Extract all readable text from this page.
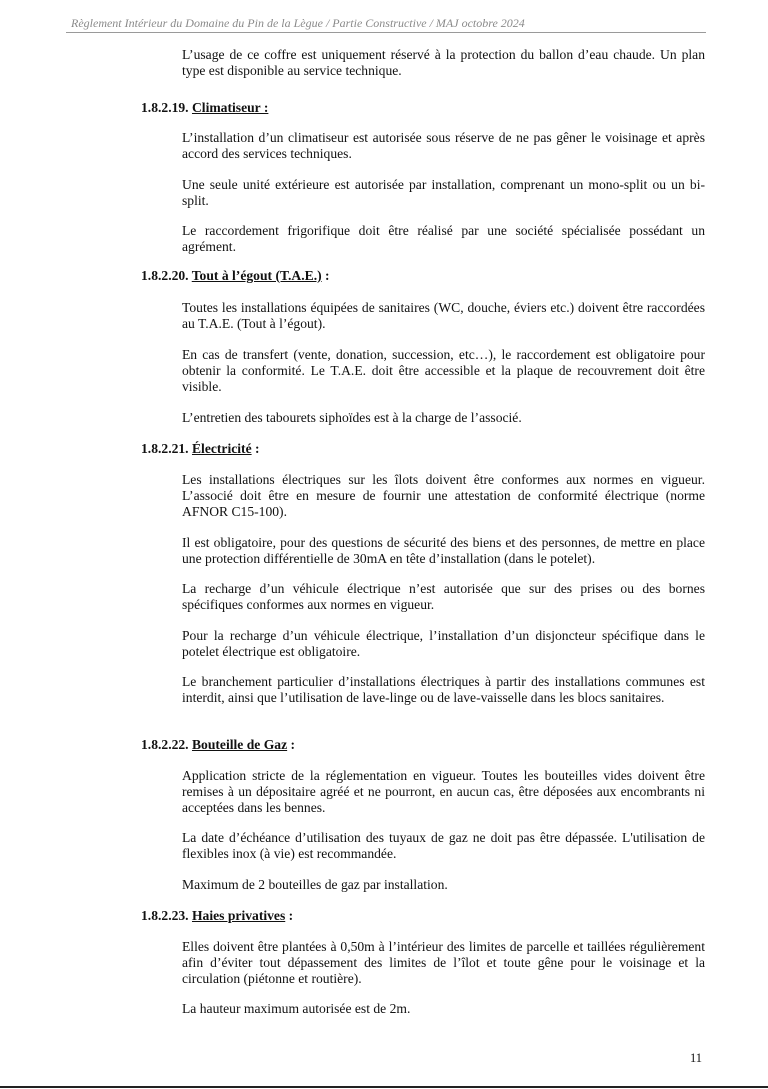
Règlement Intérieur du Domaine du Pin de la Lègue / Partie Constructive / MAJ octobre 2024
L’usage de ce coffre est uniquement réservé à la protection du ballon d’eau chaude. Un plan type est disponible au service technique.
1.8.2.19. Climatiseur :
L’installation d’un climatiseur est autorisée sous réserve de ne pas gêner le voisinage et après accord des services techniques.
Une seule unité extérieure est autorisée par installation, comprenant un mono-split ou un bi-split.
Le raccordement frigorifique doit être réalisé par une société spécialisée possédant un agrément.
1.8.2.20. Tout à l’égout (T.A.E.) :
Toutes les installations équipées de sanitaires (WC, douche, éviers etc.) doivent être raccordées au T.A.E. (Tout à l’égout).
En cas de transfert (vente, donation, succession, etc…), le raccordement est obligatoire pour obtenir la conformité. Le T.A.E. doit être accessible et la plaque de recouvrement doit être visible.
L’entretien des tabourets siphoïdes est à la charge de l’associé.
1.8.2.21. Électricité :
Les installations électriques sur les îlots doivent être conformes aux normes en vigueur. L’associé doit être en mesure de fournir une attestation de conformité électrique (norme AFNOR C15-100).
Il est obligatoire, pour des questions de sécurité des biens et des personnes, de mettre en place une protection différentielle de 30mA en tête d’installation (dans le potelet).
La recharge d’un véhicule électrique n’est autorisée que sur des prises ou des bornes spécifiques conformes aux normes en vigueur.
Pour la recharge d’un véhicule électrique, l’installation d’un disjoncteur spécifique dans le potelet électrique est obligatoire.
Le branchement particulier d’installations électriques à partir des installations communes est interdit, ainsi que l’utilisation de lave-linge ou de lave-vaisselle dans les blocs sanitaires.
1.8.2.22. Bouteille de Gaz :
Application stricte de la réglementation en vigueur. Toutes les bouteilles vides doivent être remises à un dépositaire agréé et ne pourront, en aucun cas, être déposées aux encombrants ni acceptées dans les bennes.
La date d’échéance d’utilisation des tuyaux de gaz ne doit pas être dépassée. L'utilisation de flexibles inox (à vie) est recommandée.
Maximum de 2 bouteilles de gaz par installation.
1.8.2.23. Haies privatives :
Elles doivent être plantées à 0,50m à l’intérieur des limites de parcelle et taillées régulièrement afin d’éviter tout dépassement des limites de l’îlot et toute gêne pour le voisinage et la circulation (piétonne et routière).
La hauteur maximum autorisée est de 2m.
11
